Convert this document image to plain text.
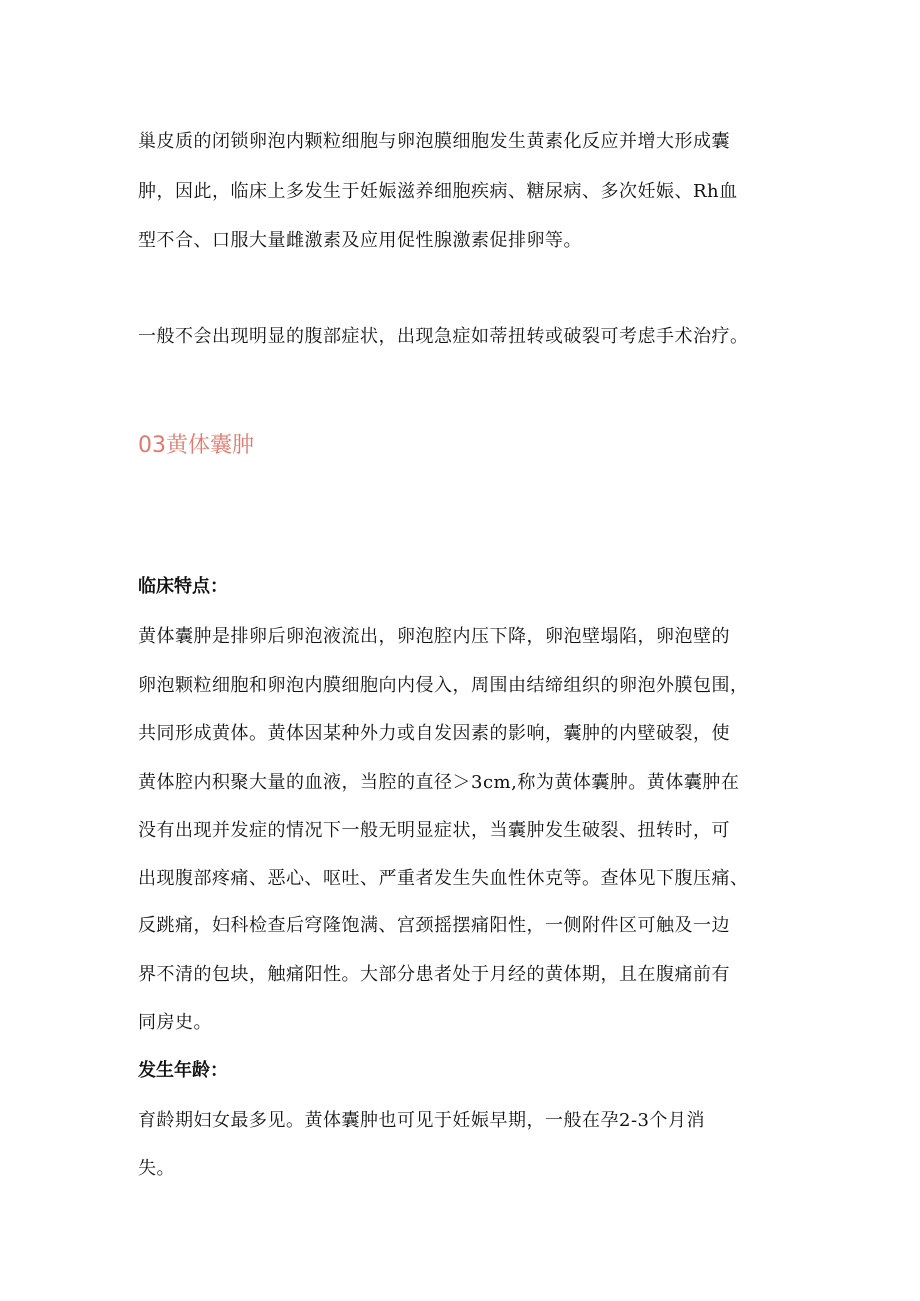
巢皮质的闭锁卵泡内颗粒细胞与卵泡膜细胞发生黄素化反应并增大形成囊
肿，因此，临床上多发生于妊娠滋养细胞疾病、糖尿病、多次妊娠、Rh血
型不合、口服大量雌激素及应用促性腺激素促排卵等。
一般不会出现明显的腹部症状，出现急症如蒂扭转或破裂可考虑手术治疗。
03黄体囊肿
临床特点：
黄体囊肿是排卵后卵泡液流出，卵泡腔内压下降，卵泡壁塌陷，卵泡壁的
卵泡颗粒细胞和卵泡内膜细胞向内侵入，周围由结缔组织的卵泡外膜包围，
共同形成黄体。黄体因某种外力或自发因素的影响，囊肿的内壁破裂，使
黄体腔内积聚大量的血液，当腔的直径＞3cm,称为黄体囊肿。黄体囊肿在
没有出现并发症的情况下一般无明显症状，当囊肿发生破裂、扭转时，可
出现腹部疼痛、恶心、呕吐、严重者发生失血性休克等。查体见下腹压痛、
反跳痛，妇科检查后穹隆饱满、宫颈摇摆痛阳性，一侧附件区可触及一边
界不清的包块，触痛阳性。大部分患者处于月经的黄体期，且在腹痛前有
同房史。
发生年龄：
育龄期妇女最多见。黄体囊肿也可见于妊娠早期，一般在孕2-3个月消
失。
